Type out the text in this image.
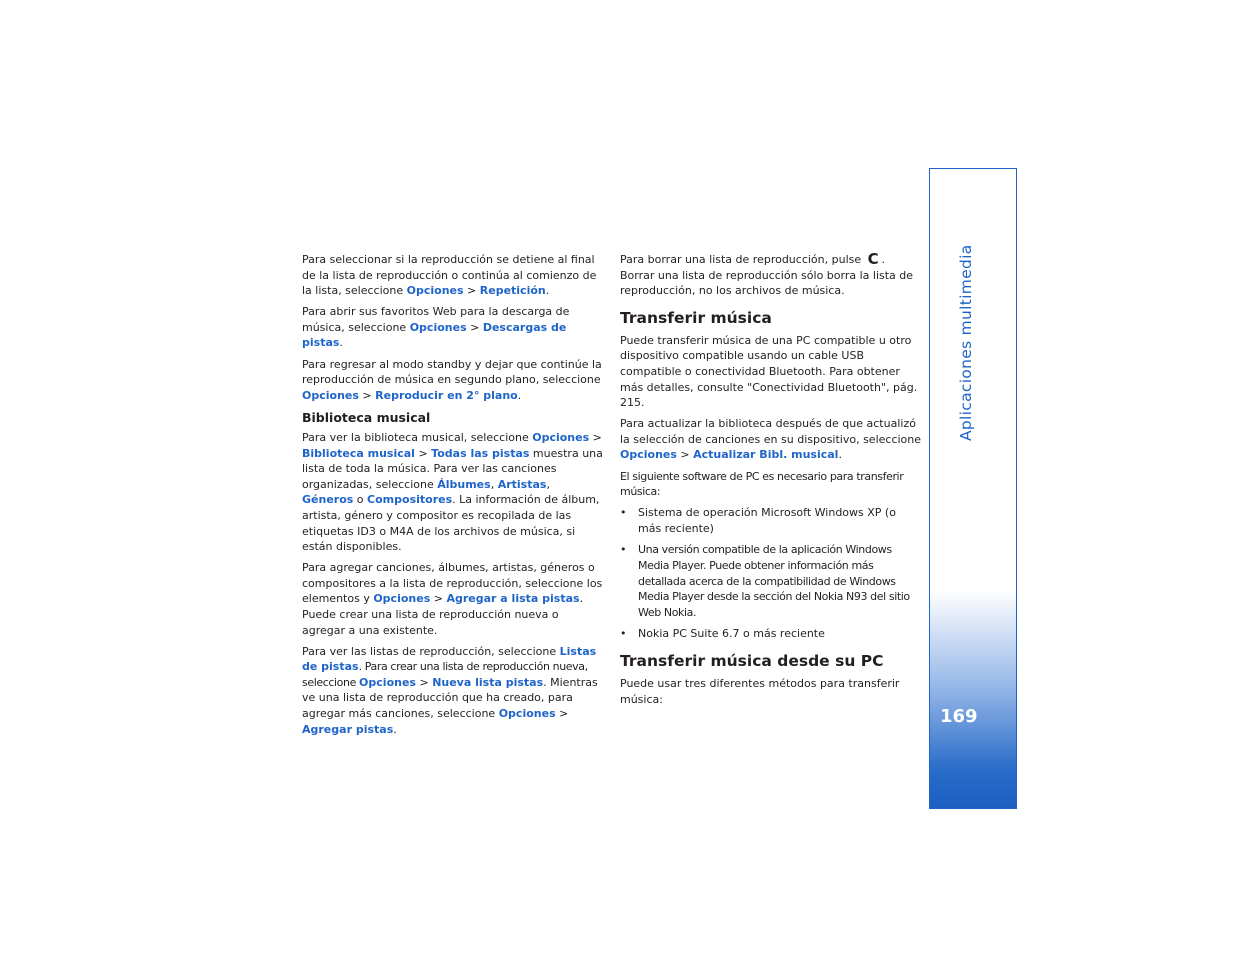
Para seleccionar si la reproducción se detiene al final de la lista de reproducción o continúa al comienzo de la lista, seleccione Opciones > Repetición.

Para abrir sus favoritos Web para la descarga de música, seleccione Opciones > Descargas de pistas.

Para regresar al modo standby y dejar que continúe la reproducción de música en segundo plano, seleccione Opciones > Reproducir en 2° plano.

Biblioteca musical

Para ver la biblioteca musical, seleccione Opciones > Biblioteca musical > Todas las pistas muestra una lista de toda la música. Para ver las canciones organizadas, seleccione Álbumes, Artistas, Géneros o Compositores. La información de álbum, artista, género y compositor es recopilada de las etiquetas ID3 o M4A de los archivos de música, si están disponibles.

Para agregar canciones, álbumes, artistas, géneros o compositores a la lista de reproducción, seleccione los elementos y Opciones > Agregar a lista pistas. Puede crear una lista de reproducción nueva o agregar a una existente.

Para ver las listas de reproducción, seleccione Listas de pistas. Para crear una lista de reproducción nueva, seleccione Opciones > Nueva lista pistas. Mientras ve una lista de reproducción que ha creado, para agregar más canciones, seleccione Opciones > Agregar pistas.

Para borrar una lista de reproducción, pulse C . Borrar una lista de reproducción sólo borra la lista de reproducción, no los archivos de música.

Transferir música

Puede transferir música de una PC compatible u otro dispositivo compatible usando un cable USB compatible o conectividad Bluetooth. Para obtener más detalles, consulte "Conectividad Bluetooth", pág. 215.

Para actualizar la biblioteca después de que actualizó la selección de canciones en su dispositivo, seleccione Opciones > Actualizar Bibl. musical.

El siguiente software de PC es necesario para transferir música:

• Sistema de operación Microsoft Windows XP (o más reciente)
• Una versión compatible de la aplicación Windows Media Player. Puede obtener información más detallada acerca de la compatibilidad de Windows Media Player desde la sección del Nokia N93 del sitio Web Nokia.
• Nokia PC Suite 6.7 o más reciente
Transferir música desde su PC

Puede usar tres diferentes métodos para transferir música:

Aplicaciones multimedia
169
